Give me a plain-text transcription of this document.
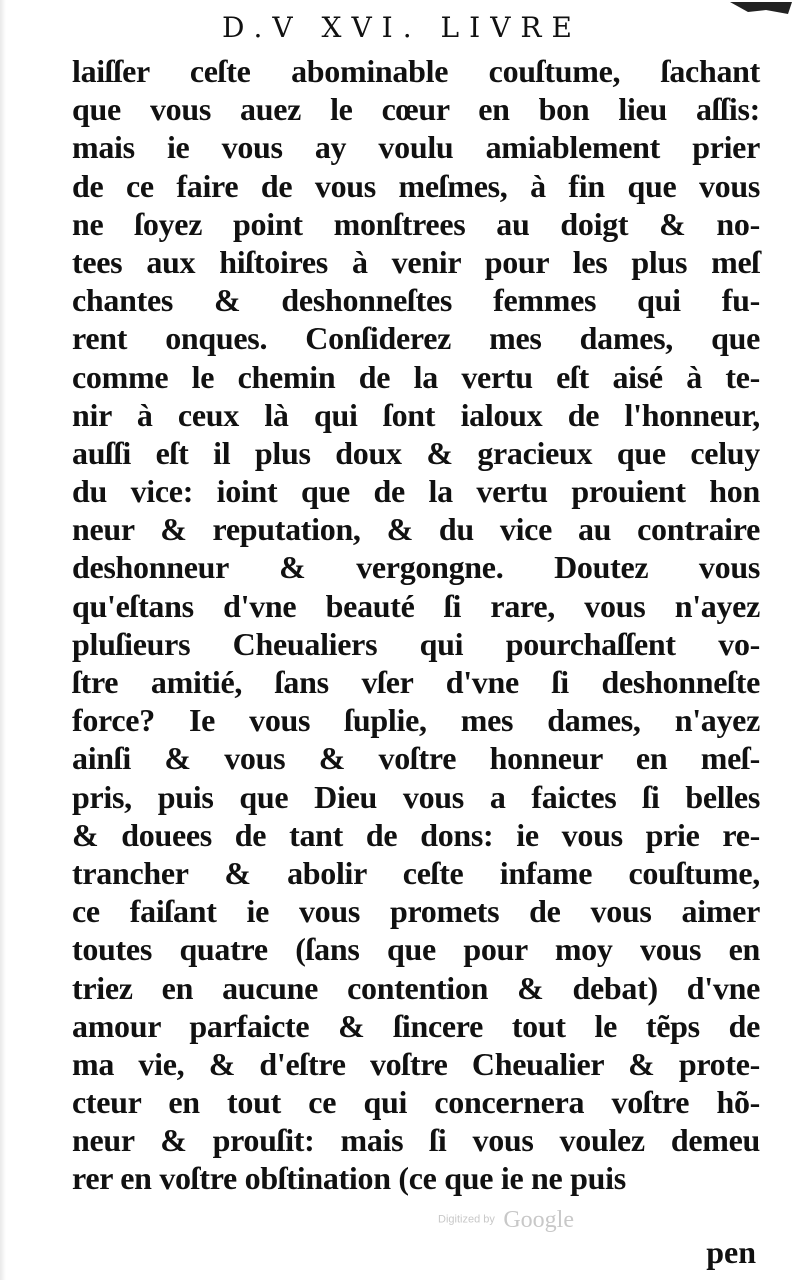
D.V XVI. LIVRE
laiſſer ceſte abominable couſtume, ſachant
que vous auez le cœur en bon lieu aſſis:
mais ie vous ay voulu amiablement prier
de ce faire de vous meſmes, à fin que vous
ne ſoyez point monſtrees au doigt & no-
tees aux hiſtoires à venir pour les plus meſ
chantes & deshonneſtes femmes qui fu-
rent onques. Conſiderez mes dames, que
comme le chemin de la vertu eſt aisé à te-
nir à ceux là qui ſont ialoux de l'honneur,
auſſi eſt il plus doux & gracieux que celuy
du vice: ioint que de la vertu prouient hon
neur & reputation, & du vice au contraire
deshonneur & vergongne. Doutez vous
qu'eſtans d'vne beauté ſi rare, vous n'ayez
pluſieurs Cheualiers qui pourchaſſent vo-
ſtre amitié, ſans vſer d'vne ſi deshonneſte
force? Ie vous ſuplie, mes dames, n'ayez
ainſi & vous & voſtre honneur en meſ-
pris, puis que Dieu vous a faictes ſi belles
& douees de tant de dons: ie vous prie re-
trancher & abolir ceſte infame couſtume,
ce faiſant ie vous promets de vous aimer
toutes quatre (ſans que pour moy vous en
triez en aucune contention & debat) d'vne
amour parfaicte & ſincere tout le tẽps de
ma vie, & d'eſtre voſtre Cheualier & prote-
cteur en tout ce qui concernera voſtre hõ-
neur & prouſit: mais ſi vous voulez demeu
rer en voſtre obſtination (ce que ie ne puis
Digitized by Google
pen
